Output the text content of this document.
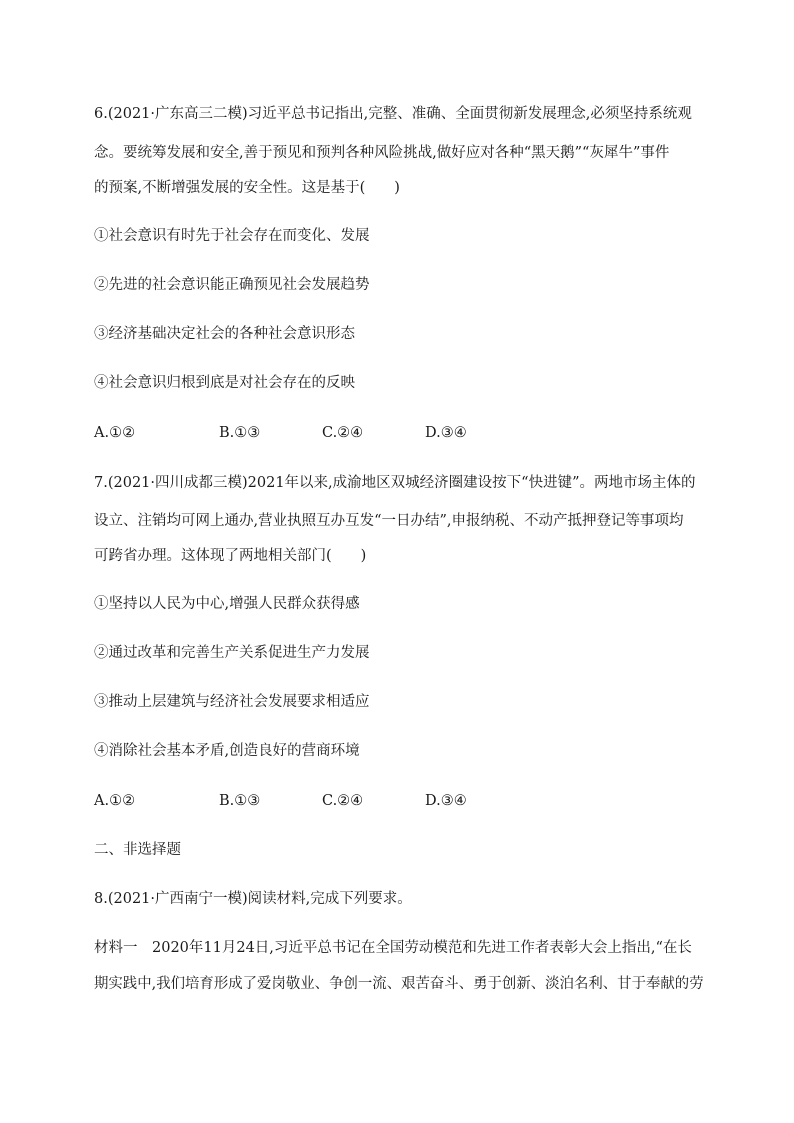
6.(2021·广东高三二模)习近平总书记指出,完整、准确、全面贯彻新发展理念,必须坚持系统观
念。要统筹发展和安全,善于预见和预判各种风险挑战,做好应对各种“黑天鹅”“灰犀牛”事件
的预案,不断增强发展的安全性。这是基于(　　)
①社会意识有时先于社会存在而变化、发展
②先进的社会意识能正确预见社会发展趋势
③经济基础决定社会的各种社会意识形态
④社会意识归根到底是对社会存在的反映
A.①②	B.①③	C.②④	D.③④
7.(2021·四川成都三模)2021年以来,成渝地区双城经济圈建设按下“快进键”。两地市场主体的
设立、注销均可网上通办,营业执照互办互发“一日办结”,申报纳税、不动产抵押登记等事项均
可跨省办理。这体现了两地相关部门(　　)
①坚持以人民为中心,增强人民群众获得感
②通过改革和完善生产关系促进生产力发展
③推动上层建筑与经济社会发展要求相适应
④消除社会基本矛盾,创造良好的营商环境
A.①②	B.①③	C.②④	D.③④
二、非选择题
8.(2021·广西南宁一模)阅读材料,完成下列要求。
材料一　2020年11月24日,习近平总书记在全国劳动模范和先进工作者表彰大会上指出,“在长
期实践中,我们培育形成了爱岗敬业、争创一流、艰苦奋斗、勇于创新、淡泊名利、甘于奉献的劳
